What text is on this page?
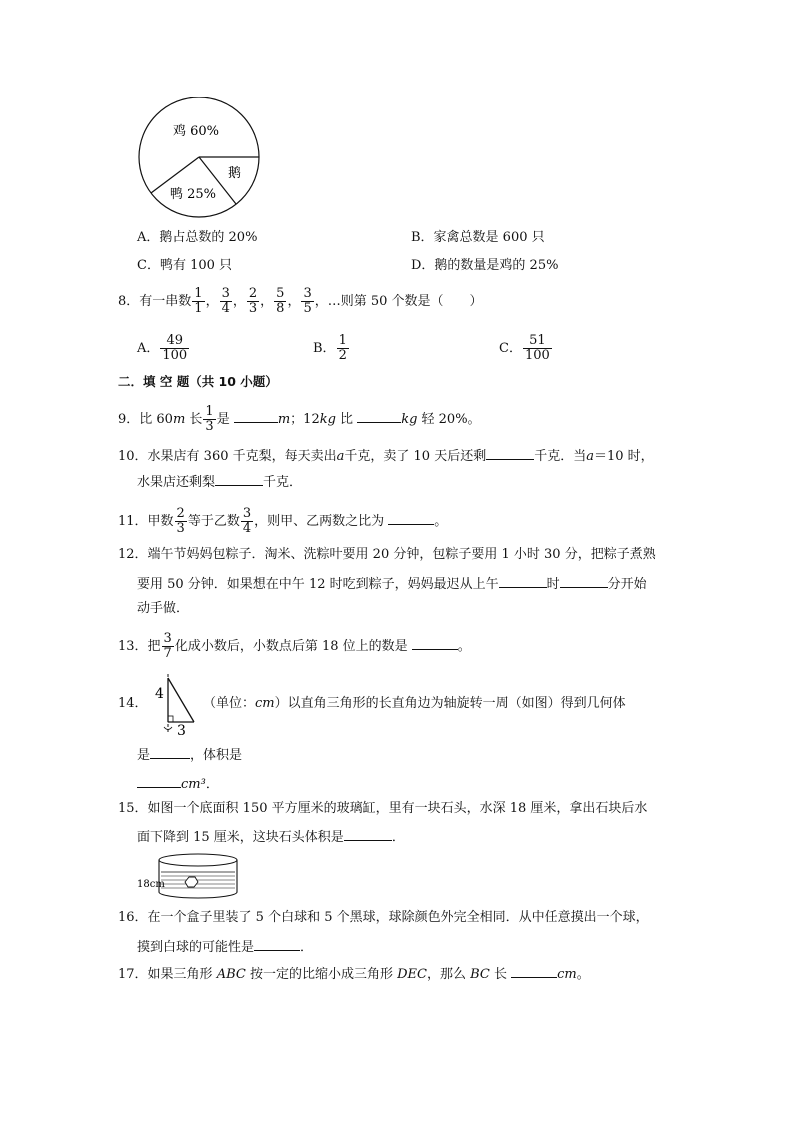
鸡 60%
鹅
鸭 25%
A．鹅占总数的 20%	B．家禽总数是 600 只
C．鸭有 100 只	D．鹅的数量是鸡的 25%
8．有一串数 $\frac{1}{1}$ ， $\frac{3}{4}$ ， $\frac{2}{3}$ ， $\frac{5}{8}$ ， $\frac{3}{5}$ ，…则第 50 个数是（　　）
A． $\frac{49}{100}$	B． $\frac{1}{2}$	C． $\frac{51}{100}$
二．填 空 题（共 10 小题）
9．比 60m 长 $\frac{1}{3}$ 是	m；12kg 比	kg 轻 20%。
10．水果店有 360 千克梨，每天卖出a千克，卖了 10 天后还剩	千克．当a＝10 时，
水果店还剩梨	千克．
11．甲数 $\frac{2}{3}$ 等于乙数 $\frac{3}{4}$ ，则甲、乙两数之比为	。
12．端午节妈妈包粽子．淘米、洗粽叶要用 20 分钟，包粽子要用 1 小时 30 分，把粽子煮熟
要用 50 分钟．如果想在中午 12 时吃到粽子，妈妈最迟从上午	时	分开始
动手做．
13．把 $\frac{3}{7}$ 化成小数后，小数点后第 18 位上的数是	。
14．
4
3
（单位：cm）以直角三角形的长直角边为轴旋转一周（如图）得到几何体
是	，体积是
cm³．
15．如图一个底面积 150 平方厘米的玻璃缸，里有一块石头，水深 18 厘米，拿出石块后水
面下降到 15 厘米，这块石头体积是	．
18cm
16．在一个盒子里装了 5 个白球和 5 个黑球，球除颜色外完全相同．从中任意摸出一个球，
摸到白球的可能性是	．
17．如果三角形 ABC 按一定的比缩小成三角形 DEC，那么 BC 长	cm。
